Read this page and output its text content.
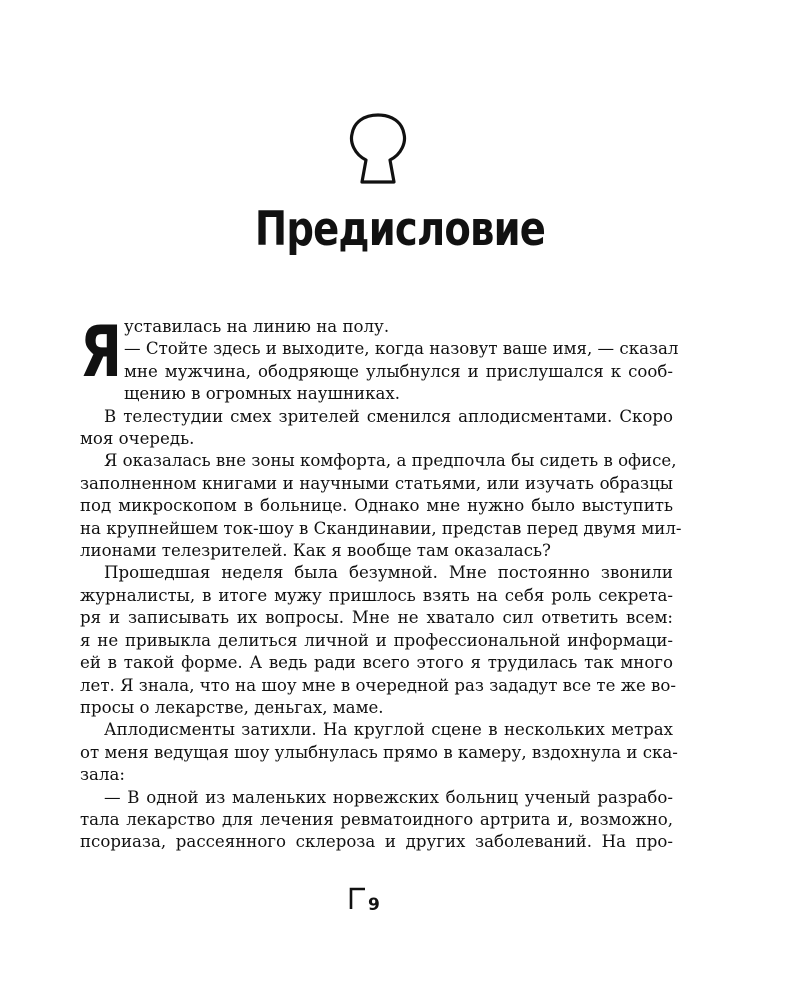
Предисловие
Я уставилась на линию на полу.
— Стойте здесь и выходите, когда назовут ваше имя, — сказал
мне мужчина, ободряюще улыбнулся и прислушался к сооб-
щению в огромных наушниках.

В телестудии смех зрителей сменился аплодисментами. Скоро
моя очередь.

Я оказалась вне зоны комфорта, а предпочла бы сидеть в офисе,
заполненном книгами и научными статьями, или изучать образцы
под микроскопом в больнице. Однако мне нужно было выступить
на крупнейшем ток-шоу в Скандинавии, представ перед двумя мил-
лионами телезрителей. Как я вообще там оказалась?

Прошедшая неделя была безумной. Мне постоянно звонили
журналисты, в итоге мужу пришлось взять на себя роль секрета-
ря и записывать их вопросы. Мне не хватало сил ответить всем:
я не привыкла делиться личной и профессиональной информаци-
ей в такой форме. А ведь ради всего этого я трудилась так много
лет. Я знала, что на шоу мне в очередной раз зададут все те же во-
просы о лекарстве, деньгах, маме.

Аплодисменты затихли. На круглой сцене в нескольких метрах
от меня ведущая шоу улыбнулась прямо в камеру, вздохнула и ска-
зала:

— В одной из маленьких норвежских больниц ученый разрабо-
тала лекарство для лечения ревматоидного артрита и, возможно,
псориаза, рассеянного склероза и других заболеваний. На про-

9
